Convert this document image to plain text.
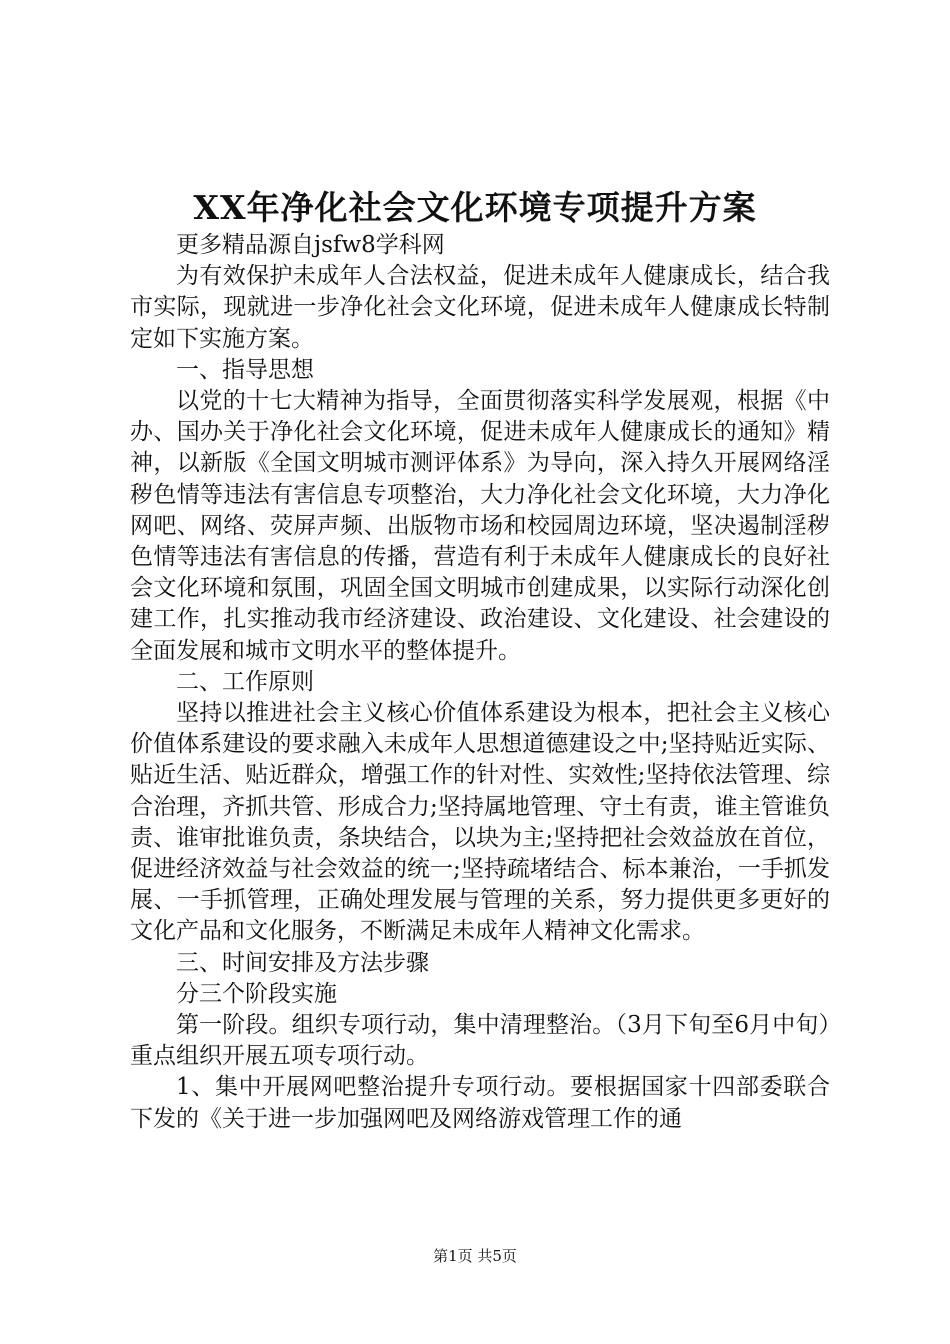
XX年净化社会文化环境专项提升方案

更多精品源自jsfw8学科网

为有效保护未成年人合法权益，促进未成年人健康成长，结合我市实际，现就进一步净化社会文化环境，促进未成年人健康成长特制定如下实施方案。

一、指导思想

以党的十七大精神为指导，全面贯彻落实科学发展观，根据《中办、国办关于净化社会文化环境，促进未成年人健康成长的通知》精神，以新版《全国文明城市测评体系》为导向，深入持久开展网络淫秽色情等违法有害信息专项整治，大力净化社会文化环境，大力净化网吧、网络、荧屏声频、出版物市场和校园周边环境，坚决遏制淫秽色情等违法有害信息的传播，营造有利于未成年人健康成长的良好社会文化环境和氛围，巩固全国文明城市创建成果，以实际行动深化创建工作，扎实推动我市经济建设、政治建设、文化建设、社会建设的全面发展和城市文明水平的整体提升。

二、工作原则

坚持以推进社会主义核心价值体系建设为根本，把社会主义核心价值体系建设的要求融入未成年人思想道德建设之中;坚持贴近实际、贴近生活、贴近群众，增强工作的针对性、实效性;坚持依法管理、综合治理，齐抓共管、形成合力;坚持属地管理、守土有责，谁主管谁负责、谁审批谁负责，条块结合，以块为主;坚持把社会效益放在首位，促进经济效益与社会效益的统一;坚持疏堵结合、标本兼治，一手抓发展、一手抓管理，正确处理发展与管理的关系，努力提供更多更好的文化产品和文化服务，不断满足未成年人精神文化需求。

三、时间安排及方法步骤

分三个阶段实施

第一阶段。组织专项行动，集中清理整治。（3月下旬至6月中旬）重点组织开展五项专项行动。

1、集中开展网吧整治提升专项行动。要根据国家十四部委联合下发的《关于进一步加强网吧及网络游戏管理工作的通

第1页 共5页
